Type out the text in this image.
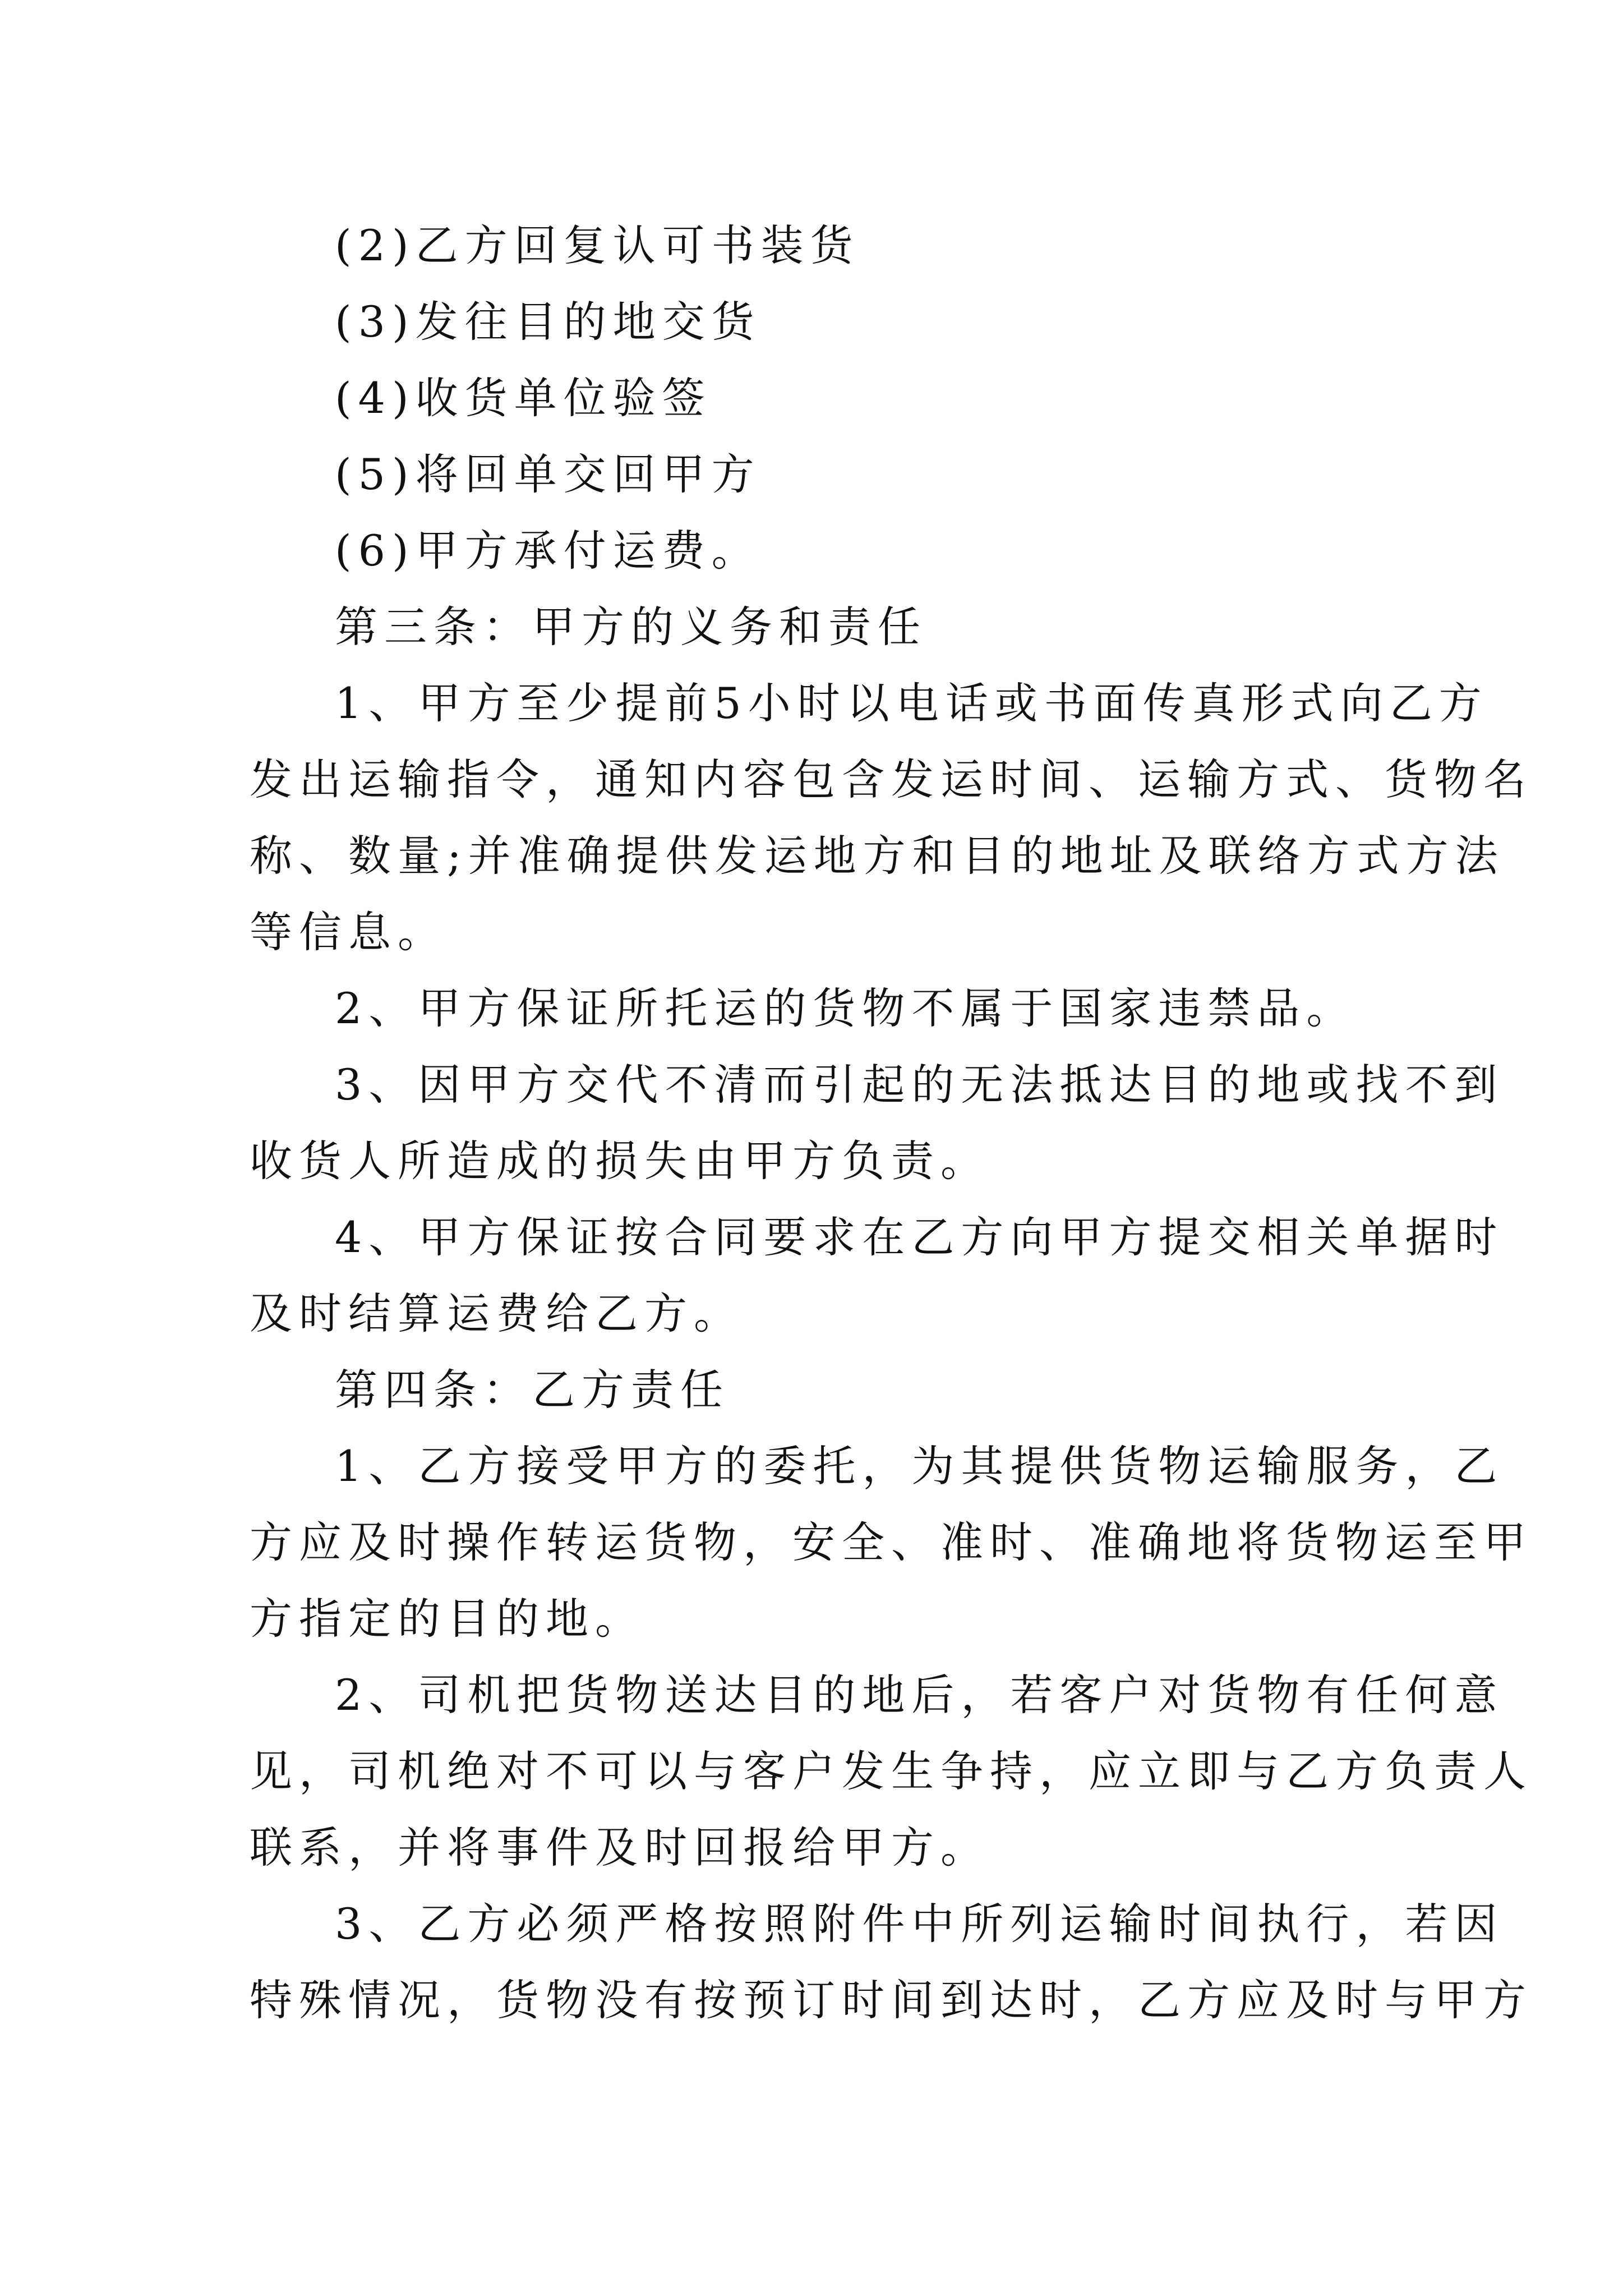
(2)乙方回复认可书装货
(3)发往目的地交货
(4)收货单位验签
(5)将回单交回甲方
(6)甲方承付运费。
第三条：甲方的义务和责任
1、甲方至少提前5小时以电话或书面传真形式向乙方
发出运输指令，通知内容包含发运时间、运输方式、货物名
称、数量;并准确提供发运地方和目的地址及联络方式方法
等信息。
2、甲方保证所托运的货物不属于国家违禁品。
3、因甲方交代不清而引起的无法抵达目的地或找不到
收货人所造成的损失由甲方负责。
4、甲方保证按合同要求在乙方向甲方提交相关单据时
及时结算运费给乙方。
第四条：乙方责任
1、乙方接受甲方的委托，为其提供货物运输服务，乙
方应及时操作转运货物，安全、准时、准确地将货物运至甲
方指定的目的地。
2、司机把货物送达目的地后，若客户对货物有任何意
见，司机绝对不可以与客户发生争持，应立即与乙方负责人
联系，并将事件及时回报给甲方。
3、乙方必须严格按照附件中所列运输时间执行，若因
特殊情况，货物没有按预订时间到达时，乙方应及时与甲方
